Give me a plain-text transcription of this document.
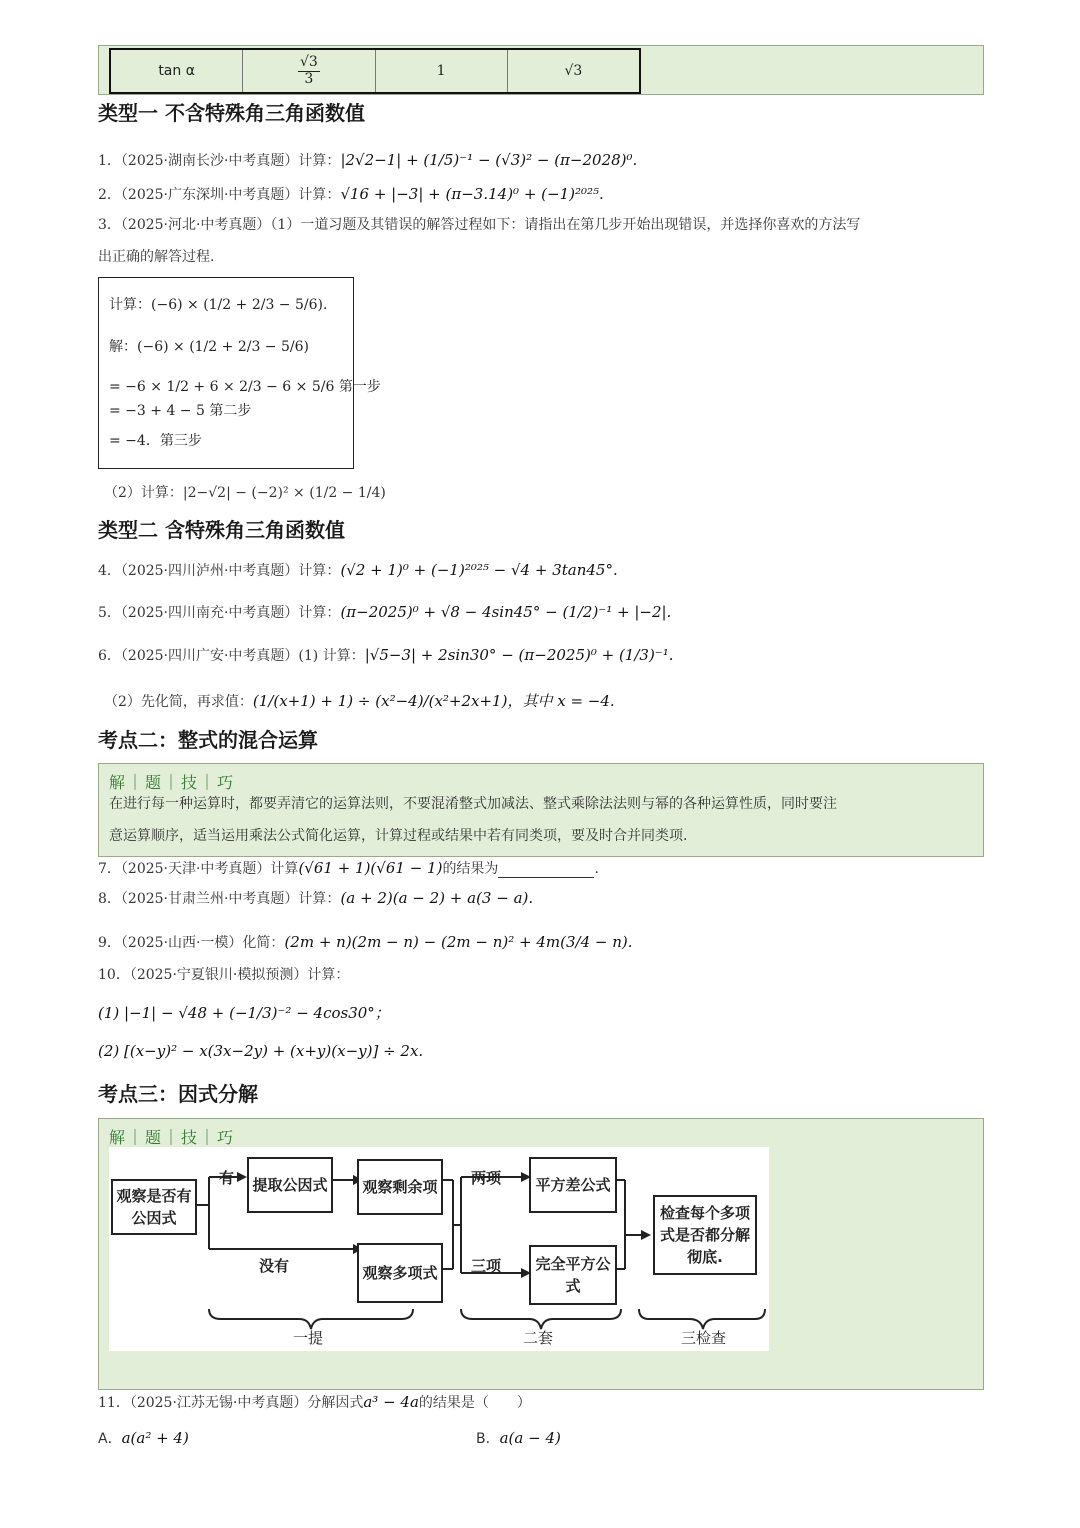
tan α	$\frac{√3}{3}$	1	√3
类型一 不含特殊角三角函数值
1．（2025·湖南长沙·中考真题）计算：|2√2−1| + (1/5)⁻¹ − (√3)² − (π−2028)⁰.
2．（2025·广东深圳·中考真题）计算：√16 + |−3| + (π−3.14)⁰ + (−1)²⁰²⁵.
3．（2025·河北·中考真题）（1）一道习题及其错误的解答过程如下：请指出在第几步开始出现错误，并选择你喜欢的方法写
出正确的解答过程.
计算：(−6) × (1/2 + 2/3 − 5/6).
解：(−6) × (1/2 + 2/3 − 5/6)
= −6 × 1/2 + 6 × 2/3 − 6 × 5/6 第一步
= −3 + 4 − 5 第二步
= −4．第三步
（2）计算：|2−√2| − (−2)² × (1/2 − 1/4)
类型二 含特殊角三角函数值
4．（2025·四川泸州·中考真题）计算：(√2 + 1)⁰ + (−1)²⁰²⁵ − √4 + 3tan45°.
5．（2025·四川南充·中考真题）计算：(π−2025)⁰ + √8 − 4sin45° − (1/2)⁻¹ + |−2|.
6．（2025·四川广安·中考真题）(1) 计算：|√5−3| + 2sin30° − (π−2025)⁰ + (1/3)⁻¹.
（2）先化简，再求值：(1/(x+1) + 1) ÷ (x²−4)/(x²+2x+1)，其中 x = −4.
考点二：整式的混合运算
解｜题｜技｜巧
在进行每一种运算时，都要弄清它的运算法则，不要混淆整式加减法、整式乘除法法则与幂的各种运算性质，同时要注
意运算顺序，适当运用乘法公式简化运算，计算过程或结果中若有同类项，要及时合并同类项.
7．（2025·天津·中考真题）计算(√61 + 1)(√61 − 1)的结果为	.
8．（2025·甘肃兰州·中考真题）计算：(a + 2)(a − 2) + a(3 − a).
9．（2025·山西·一模）化简：(2m + n)(2m − n) − (2m − n)² + 4m(3/4 − n).
10．（2025·宁夏银川·模拟预测）计算：
(1) |−1| − √48 + (−1/3)⁻² − 4cos30°；
(2) [(x−y)² − x(3x−2y) + (x+y)(x−y)] ÷ 2x.
考点三：因式分解
解｜题｜技｜巧
观察是否有公因式
有
没有
提取公因式	观察剩余项
观察多项式
两项
三项
平方差公式
完全平方公式
检查每个多项式是否都分解彻底.
一提	二套	三检查
11．（2025·江苏无锡·中考真题）分解因式a³ − 4a的结果是（　　）
A．a(a² + 4)	B．a(a − 4)
